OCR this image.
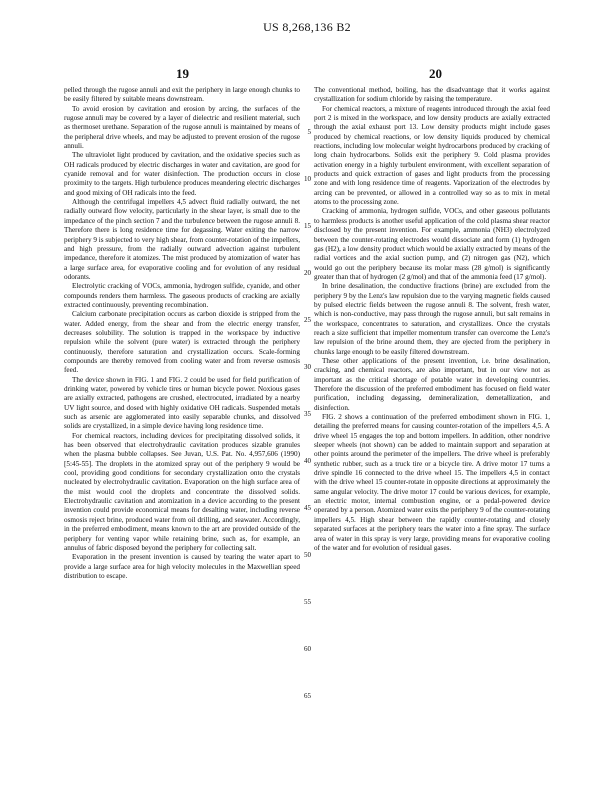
US 8,268,136 B2
19	20

pelled through the rugose annuli and exit the periphery in large enough chunks to be easily filtered by suitable means downstream.

To avoid erosion by cavitation and erosion by arcing, the surfaces of the rugose annuli may be covered by a layer of dielectric and resilient material, such as thermoset urethane. Separation of the rugose annuli is maintained by means of the peripheral drive wheels, and may be adjusted to prevent erosion of the rugose annuli.

The ultraviolet light produced by cavitation, and the oxidative species such as OH radicals produced by electric discharges in water and cavitation, are good for cyanide removal and for water disinfection. The production occurs in close proximity to the targets. High turbulence produces meandering electric discharges and good mixing of OH radicals into the feed.

Although the centrifugal impellers 4,5 advect fluid radially outward, the net radially outward flow velocity, particularly in the shear layer, is small due to the impedance of the pinch section 7 and the turbulence between the rugose annuli 8. Therefore there is long residence time for degassing. Water exiting the narrow periphery 9 is subjected to very high shear, from counter-rotation of the impellers, and high pressure, from the radially outward advection against turbulent impedance, therefore it atomizes. The mist produced by atomization of water has a large surface area, for evaporative cooling and for evolution of any residual odorants.

Electrolytic cracking of VOCs, ammonia, hydrogen sulfide, cyanide, and other compounds renders them harmless. The gaseous products of cracking are axially extracted continuously, preventing recombination.

Calcium carbonate precipitation occurs as carbon dioxide is stripped from the water. Added energy, from the shear and from the electric energy transfer, decreases solubility. The solution is trapped in the workspace by inductive repulsion while the solvent (pure water) is extracted through the periphery continuously, therefore saturation and crystallization occurs. Scale-forming compounds are thereby removed from cooling water and from reverse osmosis feed.

The device shown in FIG. 1 and FIG. 2 could be used for field purification of drinking water, powered by vehicle tires or human bicycle power. Noxious gases are axially extracted, pathogens are crushed, electrocuted, irradiated by a nearby UV light source, and dosed with highly oxidative OH radicals. Suspended metals such as arsenic are agglomerated into easily separable chunks, and dissolved solids are crystallized, in a simple device having long residence time.

For chemical reactors, including devices for precipitating dissolved solids, it has been observed that electrohydraulic cavitation produces sizable granules when the plasma bubble collapses. See Juvan, U.S. Pat. No. 4,957,606 (1990) [5:45-55]. The droplets in the atomized spray out of the periphery 9 would be cool, providing good conditions for secondary crystallization onto the crystals nucleated by electrohydraulic cavitation. Evaporation on the high surface area of the mist would cool the droplets and concentrate the dissolved solids. Electrohydraulic cavitation and atomization in a device according to the present invention could provide economical means for desalting water, including reverse osmosis reject brine, produced water from oil drilling, and seawater. Accordingly, in the preferred embodiment, means known to the art are provided outside of the periphery for venting vapor while retaining brine, such as, for example, an annulus of fabric disposed beyond the periphery for collecting salt.

Evaporation in the present invention is caused by tearing the water apart to provide a large surface area for high velocity molecules in the Maxwellian speed distribution to escape.

The conventional method, boiling, has the disadvantage that it works against crystallization for sodium chloride by raising the temperature.

For chemical reactors, a mixture of reagents introduced through the axial feed port 2 is mixed in the workspace, and low density products are axially extracted through the axial exhaust port 13. Low density products might include gases produced by chemical reactions, or low density liquids produced by chemical reactions, including low molecular weight hydrocarbons produced by cracking of long chain hydrocarbons. Solids exit the periphery 9. Cold plasma provides activation energy in a highly turbulent environment, with excellent separation of products and quick extraction of gases and light products from the processing zone and with long residence time of reagents. Vaporization of the electrodes by arcing can be prevented, or allowed in a controlled way so as to mix in metal atoms to the processing zone.

Cracking of ammonia, hydrogen sulfide, VOCs, and other gaseous pollutants to harmless products is another useful application of the cold plasma shear reactor disclosed by the present invention. For example, ammonia (NH3) electrolyzed between the counter-rotating electrodes would dissociate and form (1) hydrogen gas (H2), a low density product which would be axially extracted by means of the radial vortices and the axial suction pump, and (2) nitrogen gas (N2), which would go out the periphery because its molar mass (28 g/mol) is significantly greater than that of hydrogen (2 g/mol) and that of the ammonia feed (17 g/mol).

In brine desalination, the conductive fractions (brine) are excluded from the periphery 9 by the Lenz's law repulsion due to the varying magnetic fields caused by pulsed electric fields between the rugose annuli 8. The solvent, fresh water, which is non-conductive, may pass through the rugose annuli, but salt remains in the workspace, concentrates to saturation, and crystallizes. Once the crystals reach a size sufficient that impeller momentum transfer can overcome the Lenz's law repulsion of the brine around them, they are ejected from the periphery in chunks large enough to be easily filtered downstream.

These other applications of the present invention, i.e. brine desalination, cracking, and chemical reactors, are also important, but in our view not as important as the critical shortage of potable water in developing countries. Therefore the discussion of the preferred embodiment has focused on field water purification, including degassing, demineralization, demetallization, and disinfection.

FIG. 2 shows a continuation of the preferred embodiment shown in FIG. 1, detailing the preferred means for causing counter-rotation of the impellers 4,5. A drive wheel 15 engages the top and bottom impellers. In addition, other nondrive sleeper wheels (not shown) can be added to maintain support and separation at other points around the perimeter of the impellers. The drive wheel is preferably synthetic rubber, such as a truck tire or a bicycle tire. A drive motor 17 turns a drive spindle 16 connected to the drive wheel 15. The impellers 4,5 in contact with the drive wheel 15 counter-rotate in opposite directions at approximately the same angular velocity. The drive motor 17 could be various devices, for example, an electric motor, internal combustion engine, or a pedal-powered device operated by a person. Atomized water exits the periphery 9 of the counter-rotating impellers 4,5. High shear between the rapidly counter-rotating and closely separated surfaces at the periphery tears the water into a fine spray. The surface area of water in this spray is very large, providing means for evaporative cooling of the water and for evolution of residual gases.

5
10
15
20
25
30
35
40
45
50
55
60
65
